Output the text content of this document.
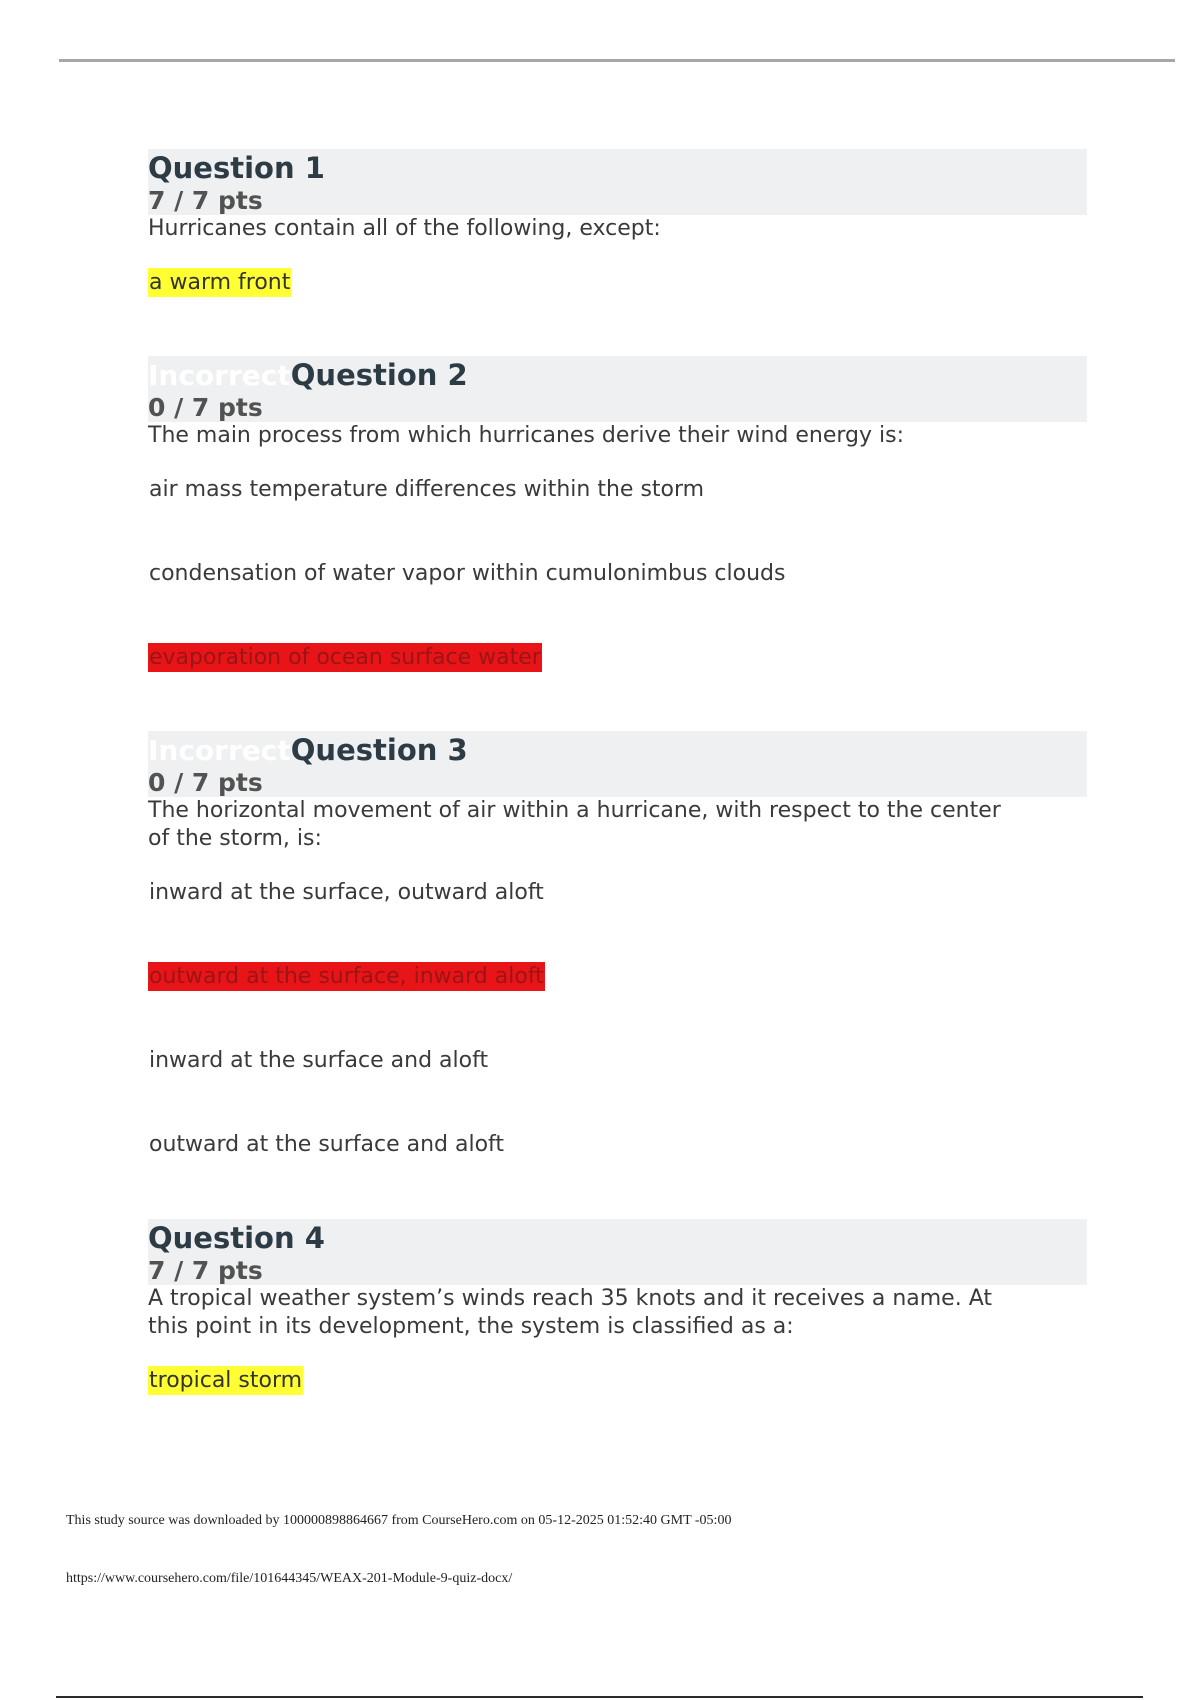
Question 1
7 / 7 pts
Hurricanes contain all of the following, except:
a warm front
Incorrect Question 2
0 / 7 pts
The main process from which hurricanes derive their wind energy is:
air mass temperature differences within the storm
condensation of water vapor within cumulonimbus clouds
evaporation of ocean surface water
Incorrect Question 3
0 / 7 pts
The horizontal movement of air within a hurricane, with respect to the center
of the storm, is:
inward at the surface, outward aloft
outward at the surface, inward aloft
inward at the surface and aloft
outward at the surface and aloft
Question 4
7 / 7 pts
A tropical weather system’s winds reach 35 knots and it receives a name. At
this point in its development, the system is classified as a:
tropical storm
This study source was downloaded by 100000898864667 from CourseHero.com on 05-12-2025 01:52:40 GMT -05:00
https://www.coursehero.com/file/101644345/WEAX-201-Module-9-quiz-docx/
